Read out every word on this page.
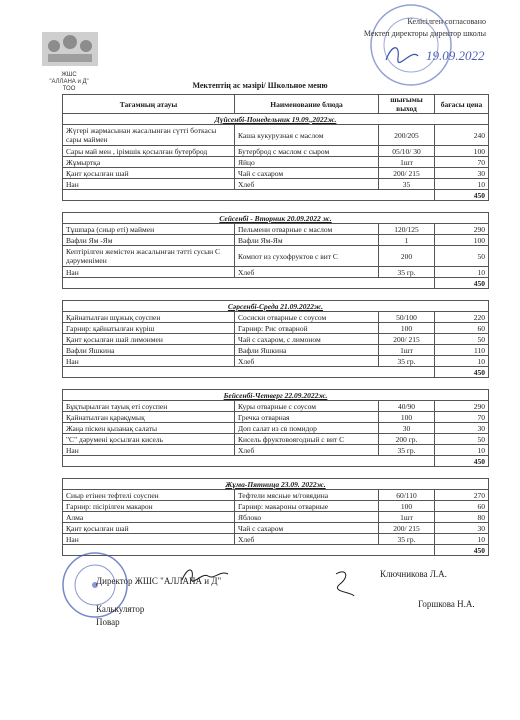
ЖШС
"АЛЛАНА и Д"
ТОО
Келісілген согласовано
Мектеп директоры директор школы
19.09.2022
Мектептің ас мәзірі/ Школьное меню
Тағамның атауы	Наименование блюда	шығымы выход	бағасы цена
Дүйсенбі-Понедельник 19.09.,2022ж.			
Жүгері жармасынан жасалынған сүтті боткасы сары маймен	Каша кукурузная с маслом	200/205	240
Сары май мен , ірімшік қосылған бутерброд	Бутерброд с маслом с сыром	05/10/ 30	100
Жұмыртқа	Яйцо	1шт	70
Қант қосылған шай	Чай с сахаром	200/ 215	30
Нан	Хлеб	35	10
			450

Сейсенбі - Вторник 20.09.2022 ж.			
Тұшпара (сиыр еті) маймен	Пельмени отварные с маслом	120/125	290
Вафли Ям -Ям	Вафли Ям-Ям	1	100
Кептірілген жемістен жасалынған тәтті сусын С дәруменімен	Компот из сухофруктов с вит С	200	50
Нан	Хлеб	35 гр.	10
			450

Сәрсенбі-Среда 21.09.2022ж.			
Қайнатылған шұжық соуспен	Сосиски отварные с соусом	50/100	220
Гарнир: қайнатылған күріш	Гарнир: Рис отварной	100	60
Қант қосылған шай лимонмен	Чай с сахаром, с лимоном	200/ 215	50
Вафли Яшкина	Вафли Яшкина	1шт	110
Нан	Хлеб	35 гр.	10
			450

Бейсенбі-Четверг 22.09.2022ж.			
Бұқтырылған тауық еті соуспен	Куры отварные с соусом	40/90	290
Қайнатылған қарақұмық	Гречка отварная	100	70
Жаңа піскен қызанақ салаты	Доп салат из св помидор	30	30
"С" дәрумені қосылған кисель	Кисель фруктовоягодный с вит С	200 гр.	50
Нан	Хлеб	35 гр.	10
			450

Жұма-Пятница 23.09. 2022ж.			
Сиыр етінен тефтелі соуспен	Тефтели мясные м/говядина	60/110	270
Гарнир: пісірілген макарон	Гарнир: макароны отварные	100	60
Алма	Яблоко	1шт	80
Қант қосылған шай	Чай с сахаром	200/ 215	30
Нан	Хлеб	35 гр.	10
			450
Директор ЖШС "АЛЛАНА и Д"
Ключникова Л.А.
Калькулятор
Повар
Горшкова Н.А.
